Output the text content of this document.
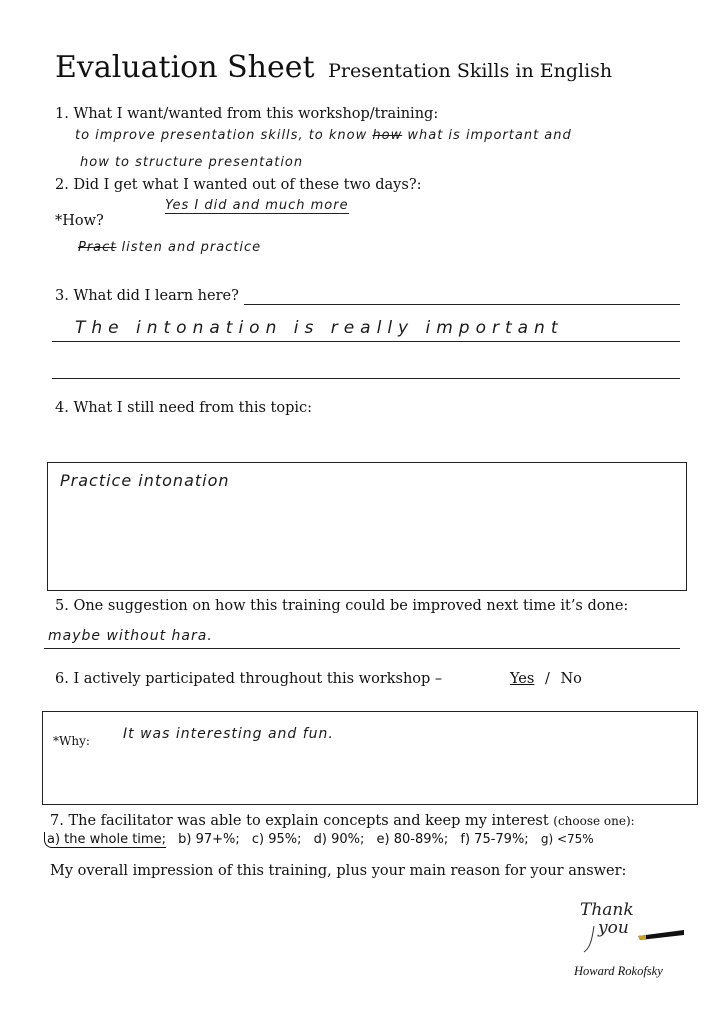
Evaluation Sheet Presentation Skills in English
1. What I want/wanted from this workshop/training:
to improve presentation skills, to know how what is important and
how to structure presentation
2. Did I get what I wanted out of these two days?:
Yes I did and much more
*How?
Pract listen and practice
3. What did I learn here?
The intonation is really important
4. What I still need from this topic:
Practice intonation
5. One suggestion on how this training could be improved next time it’s done:
maybe without hara.
6. I actively participated throughout this workshop –	Yes / No
*Why: It was interesting and fun.
7. The facilitator was able to explain concepts and keep my interest (choose one):
a) the whole time; b) 97+%; c) 95%; d) 90%; e) 80-89%; f) 75-79%; g) <75%
My overall impression of this training, plus your main reason for your answer:
Thank
you
Howard Rokofsky
